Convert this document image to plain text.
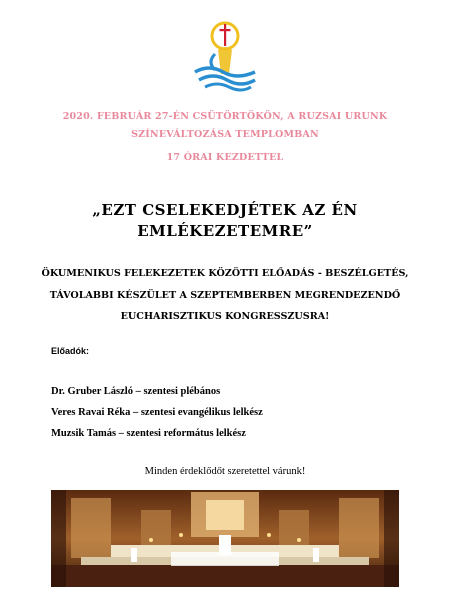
2020. FEBRUÁR 27-ÉN CSÜTÖRTÖKÖN, A RUZSAI URUNK
SZÍNEVÁLTOZÁSA TEMPLOMBAN
17 ÓRAI KEZDETTEL
„EZT CSELEKEDJÉTEK AZ ÉN
EMLÉKEZETEMRE”
ÖKUMENIKUS FELEKEZETEK KÖZÖTTI ELŐADÁS - BESZÉLGETÉS,
TÁVOLABBI KÉSZÜLET A SZEPTEMBERBEN MEGRENDEZENDŐ
EUCHARISZTIKUS KONGRESSZUSRA!
Előadók:
Dr. Gruber László – szentesi plébános
Veres Ravai Réka – szentesi evangélikus lelkész
Muzsik Tamás – szentesi református lelkész
Minden érdeklődőt szeretettel várunk!
